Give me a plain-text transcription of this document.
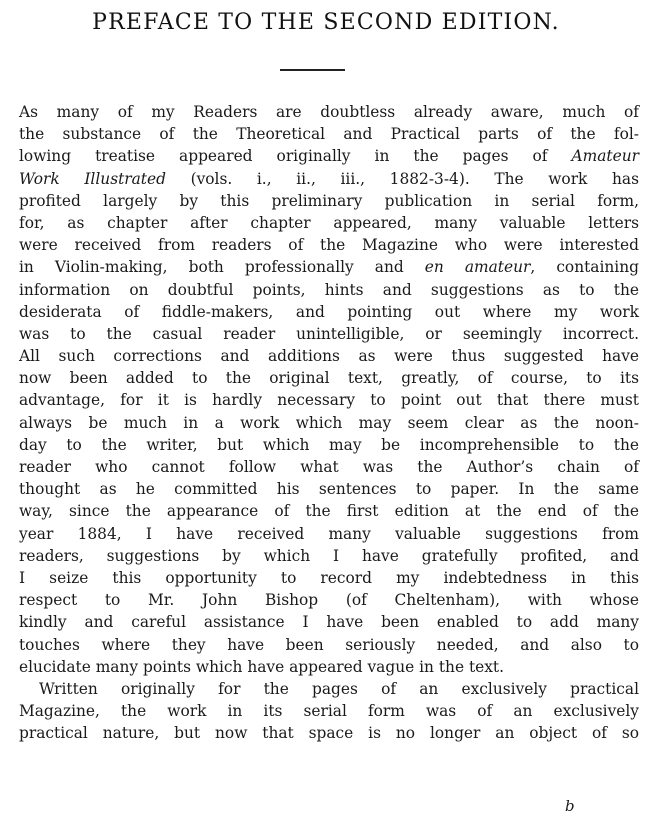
PREFACE TO THE SECOND EDITION.
As many of my Readers are doubtless already aware, much of
the substance of the Theoretical and Practical parts of the fol-
lowing treatise appeared originally in the pages of Amateur
Work Illustrated (vols. i., ii., iii., 1882-3-4). The work has
profited largely by this preliminary publication in serial form,
for, as chapter after chapter appeared, many valuable letters
were received from readers of the Magazine who were interested
in Violin-making, both professionally and en amateur, containing
information on doubtful points, hints and suggestions as to the
desiderata of fiddle-makers, and pointing out where my work
was to the casual reader unintelligible, or seemingly incorrect.
All such corrections and additions as were thus suggested have
now been added to the original text, greatly, of course, to its
advantage, for it is hardly necessary to point out that there must
always be much in a work which may seem clear as the noon-
day to the writer, but which may be incomprehensible to the
reader who cannot follow what was the Author’s chain of
thought as he committed his sentences to paper. In the same
way, since the appearance of the first edition at the end of the
year 1884, I have received many valuable suggestions from
readers, suggestions by which I have gratefully profited, and
I seize this opportunity to record my indebtedness in this
respect to Mr. John Bishop (of Cheltenham), with whose
kindly and careful assistance I have been enabled to add many
touches where they have been seriously needed, and also to
elucidate many points which have appeared vague in the text.
Written originally for the pages of an exclusively practical
Magazine, the work in its serial form was of an exclusively
practical nature, but now that space is no longer an object of so
b
